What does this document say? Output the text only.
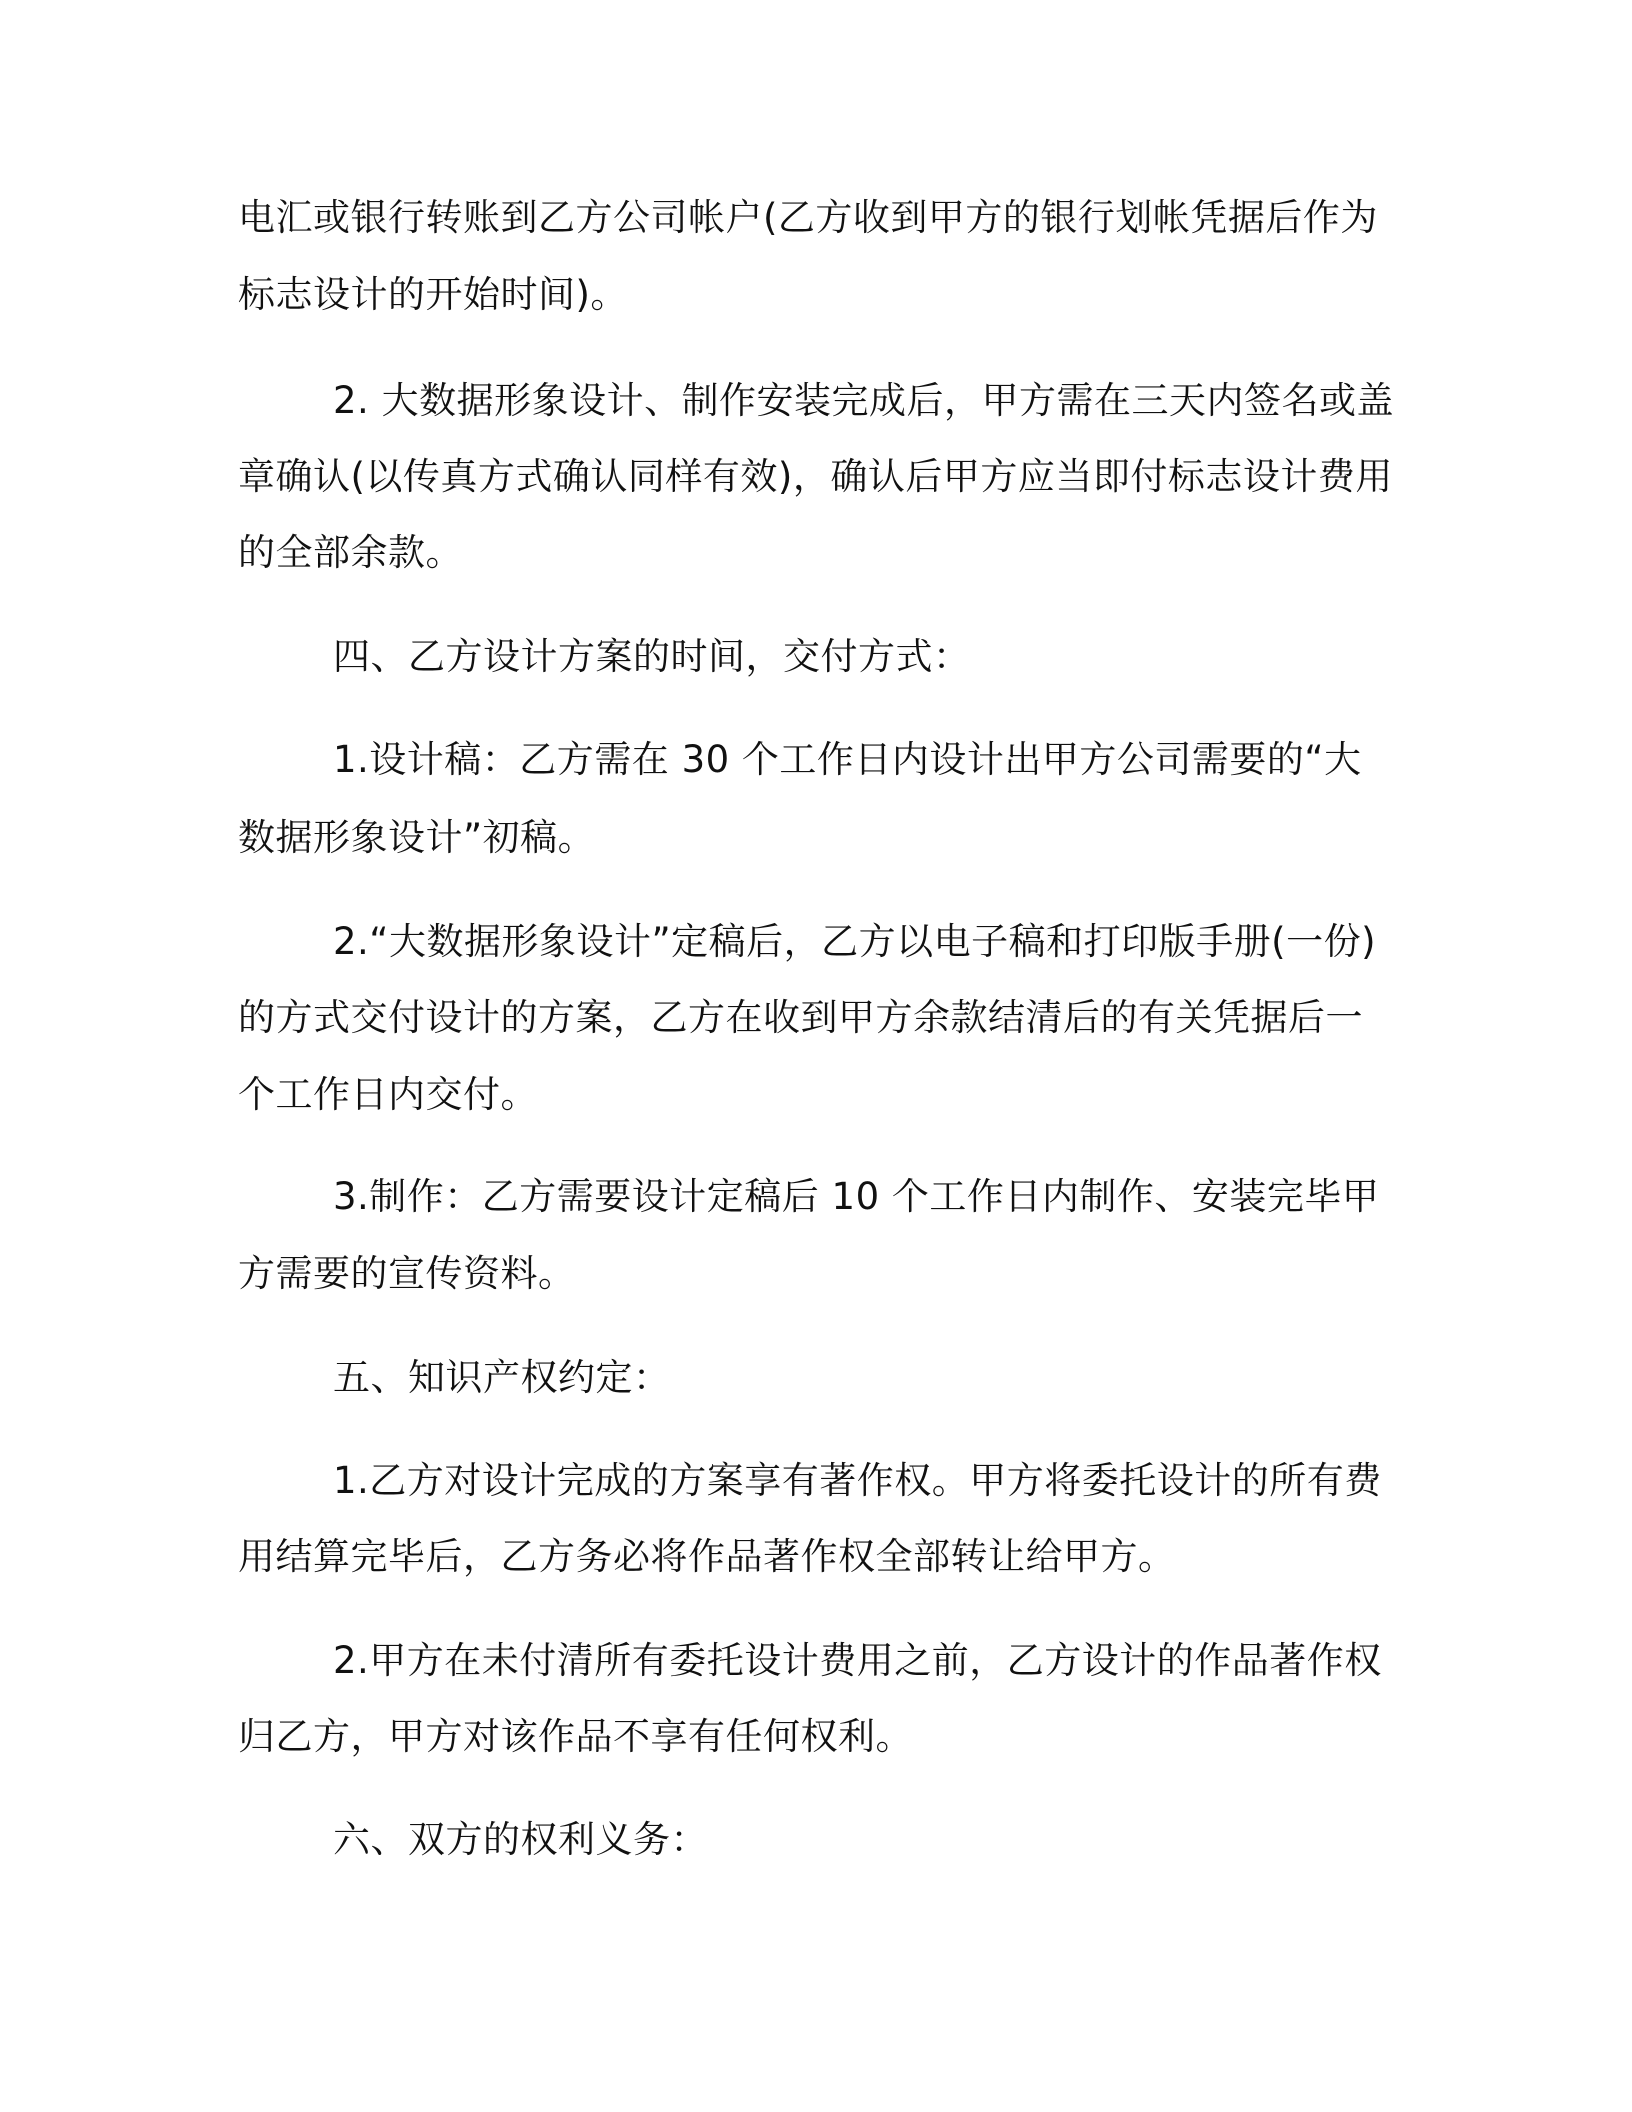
电汇或银行转账到乙方公司帐户(乙方收到甲方的银行划帐凭据后作为
标志设计的开始时间)。
2. 大数据形象设计、制作安装完成后，甲方需在三天内签名或盖
章确认(以传真方式确认同样有效)，确认后甲方应当即付标志设计费用
的全部余款。
四、乙方设计方案的时间，交付方式：
1.设计稿：乙方需在 30 个工作日内设计出甲方公司需要的“大
数据形象设计”初稿。
2.“大数据形象设计”定稿后，乙方以电子稿和打印版手册(一份)
的方式交付设计的方案，乙方在收到甲方余款结清后的有关凭据后一
个工作日内交付。
3.制作：乙方需要设计定稿后 10 个工作日内制作、安装完毕甲
方需要的宣传资料。
五、知识产权约定：
1.乙方对设计完成的方案享有著作权。甲方将委托设计的所有费
用结算完毕后，乙方务必将作品著作权全部转让给甲方。
2.甲方在未付清所有委托设计费用之前，乙方设计的作品著作权
归乙方，甲方对该作品不享有任何权利。
六、双方的权利义务：
